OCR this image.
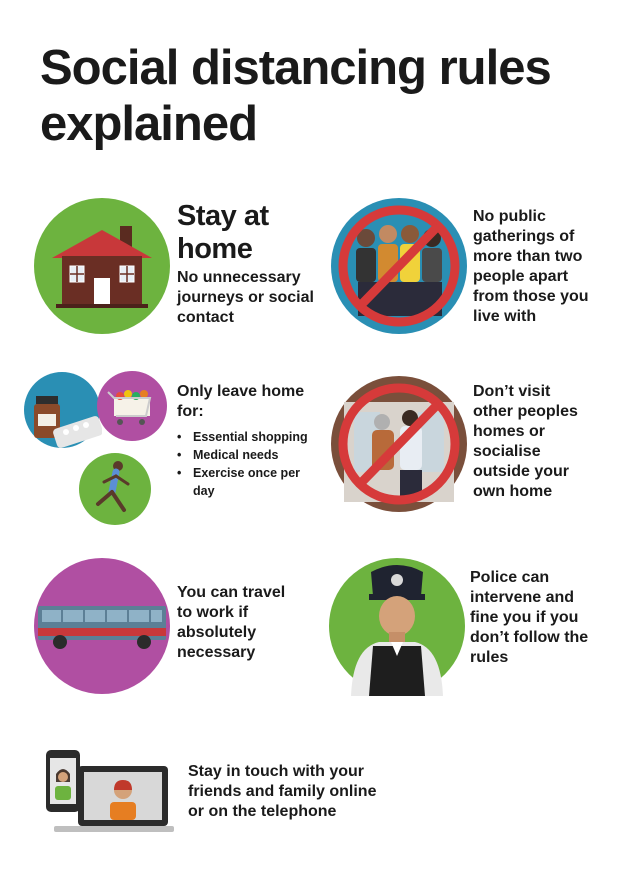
Social distancing rules explained
Stay at home
No unnecessary journeys or social contact
No public gatherings of more than two people apart from those you live with
Only leave home for:
• Essential shopping
• Medical needs
• Exercise once per day
Don’t visit other peoples homes or socialise outside your own home
You can travel to work if absolutely necessary
Police can intervene and fine you if you don’t follow the rules
Stay in touch with your friends and family online or on the telephone
